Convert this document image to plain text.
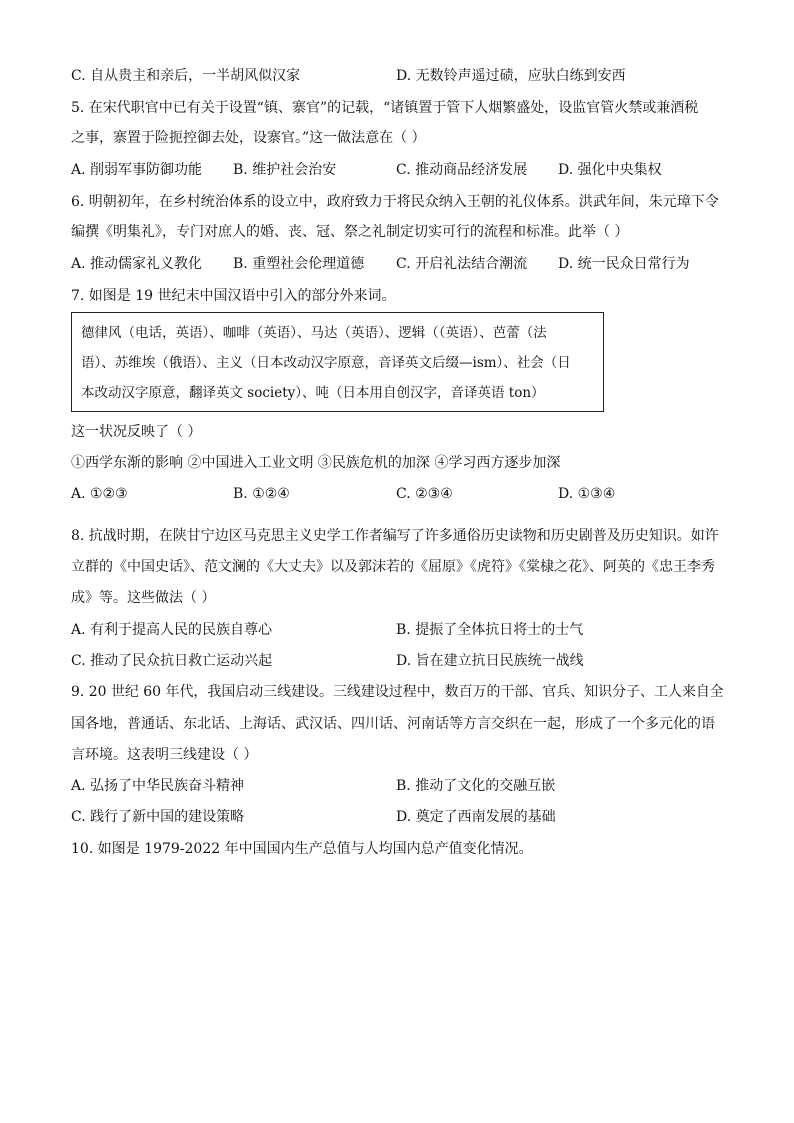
C. 自从贵主和亲后，一半胡风似汉家	D. 无数铃声遥过碛，应驮白练到安西
5. 在宋代职官中已有关于设置“镇、寨官”的记载，“诸镇置于管下人烟繁盛处，设监官管火禁或兼酒税
之事，寨置于险扼控御去处，设寨官。”这一做法意在（ ）
A. 削弱军事防御功能 B. 维护社会治安	C. 推动商品经济发展 D. 强化中央集权
6. 明朝初年，在乡村统治体系的设立中，政府致力于将民众纳入王朝的礼仪体系。洪武年间，朱元璋下令
编撰《明集礼》，专门对庶人的婚、丧、冠、祭之礼制定切实可行的流程和标准。此举（ ）
A. 推动儒家礼义教化 B. 重塑社会伦理道德 C. 开启礼法结合潮流 D. 统一民众日常行为
7. 如图是 19 世纪末中国汉语中引入的部分外来词。
德律风（电话，英语）、咖啡（英语）、马达（英语）、逻辑（（英语）、芭蕾（法
语）、苏维埃（俄语）、主义（日本改动汉字原意，音译英文后缀—ism）、社会（日
本改动汉字原意，翻译英文 society）、吨（日本用自创汉字，音译英语 ton）
这一状况反映了（ ）
①西学东渐的影响 ②中国进入工业文明 ③民族危机的加深 ④学习西方逐步加深
A. ①②③	B. ①②④	C. ②③④	D. ①③④
8. 抗战时期，在陕甘宁边区马克思主义史学工作者编写了许多通俗历史读物和历史剧普及历史知识。如许
立群的《中国史话》、范文澜的《大丈夫》以及郭沫若的《屈原》《虎符》《棠棣之花》、阿英的《忠王李秀
成》等。这些做法（ ）
A. 有利于提高人民的民族自尊心	B. 提振了全体抗日将士的士气
C. 推动了民众抗日救亡运动兴起	D. 旨在建立抗日民族统一战线
9. 20 世纪 60 年代，我国启动三线建设。三线建设过程中，数百万的干部、官兵、知识分子、工人来自全
国各地，普通话、东北话、上海话、武汉话、四川话、河南话等方言交织在一起，形成了一个多元化的语
言环境。这表明三线建设（ ）
A. 弘扬了中华民族奋斗精神	B. 推动了文化的交融互嵌
C. 践行了新中国的建设策略	D. 奠定了西南发展的基础
10. 如图是 1979-2022 年中国国内生产总值与人均国内总产值变化情况。
